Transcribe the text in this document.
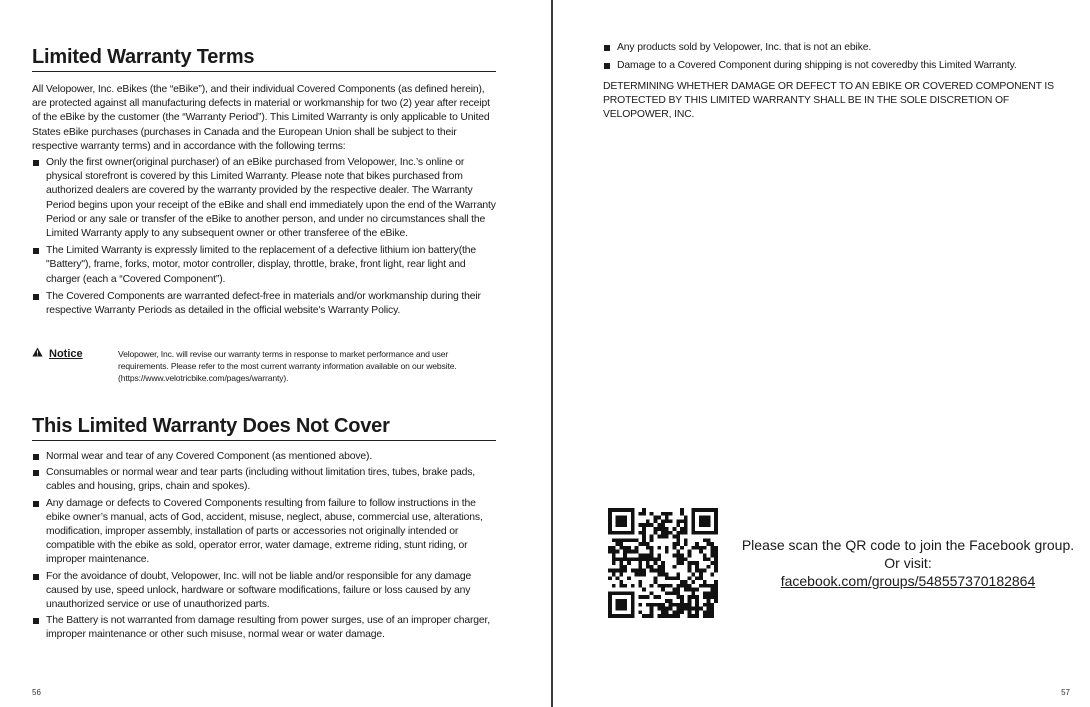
Limited Warranty Terms

All Velopower, Inc. eBikes (the “eBike”), and their individual Covered Components (as defined herein), are protected against all manufacturing defects in material or workmanship for two (2) year after receipt of the eBike by the customer (the “Warranty Period”). This Limited Warranty is only applicable to United States eBike purchases (purchases in Canada and the European Union shall be subject to their respective warranty terms) and in accordance with the following terms:

Only the first owner(original purchaser) of an eBike purchased from Velopower, Inc.’s online or physical storefront is covered by this Limited Warranty. Please note that bikes purchased from authorized dealers are covered by the warranty provided by the respective dealer. The Warranty Period begins upon your receipt of the eBike and shall end immediately upon the end of the Warranty Period or any sale or transfer of the eBike to another person, and under no circumstances shall the Limited Warranty apply to any subsequent owner or other transferee of the eBike.
The Limited Warranty is expressly limited to the replacement of a defective lithium ion battery(the "Battery"), frame, forks, motor, motor controller, display, throttle, brake, front light, rear light and charger (each a “Covered Component”).
The Covered Components are warranted defect-free in materials and/or workmanship during their respective Warranty Periods as detailed in the official website's Warranty Policy.
Notice	Velopower, Inc. will revise our warranty terms in response to market performance and user requirements. Please refer to the most current warranty information available on our website. (https://www.velotricbike.com/pages/warranty).

This Limited Warranty Does Not Cover
Normal wear and tear of any Covered Component (as mentioned above).
Consumables or normal wear and tear parts (including without limitation tires, tubes, brake pads, cables and housing, grips, chain and spokes).
Any damage or defects to Covered Components resulting from failure to follow instructions in the ebike owner’s manual, acts of God, accident, misuse, neglect, abuse, commercial use, alterations, modification, improper assembly, installation of parts or accessories not originally intended or compatible with the ebike as sold, operator error, water damage, extreme riding, stunt riding, or improper maintenance.
For the avoidance of doubt, Velopower, Inc. will not be liable and/or responsible for any damage caused by use, speed unlock, hardware or software modifications, failure or loss caused by any unauthorized service or use of unauthorized parts.
The Battery is not warranted from damage resulting from power surges, use of an improper charger, improper maintenance or other such misuse, normal wear or water damage.
56
Any products sold by Velopower, Inc. that is not an ebike.
Damage to a Covered Component during shipping is not coveredby this Limited Warranty.

DETERMINING WHETHER DAMAGE OR DEFECT TO AN EBIKE OR COVERED COMPONENT IS PROTECTED BY THIS LIMITED WARRANTY SHALL BE IN THE SOLE DISCRETION OF VELOPOWER, INC.

Please scan the QR code to join the Facebook group.
Or visit:
facebook.com/groups/548557370182864
57
